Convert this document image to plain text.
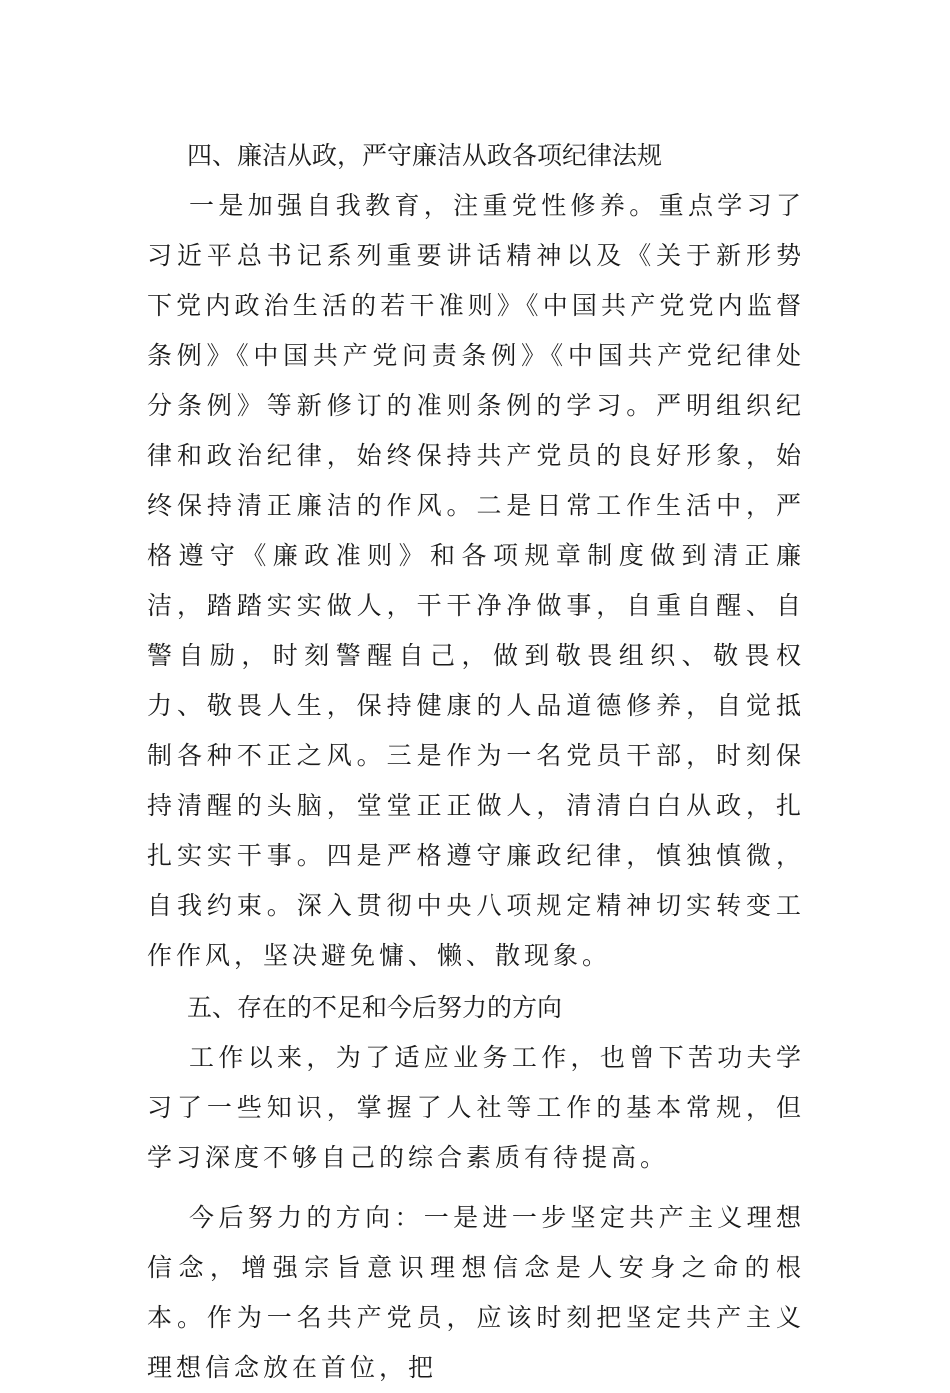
四、廉洁从政，严守廉洁从政各项纪律法规

一是加强自我教育，注重党性修养。重点学习了习近平总书记系列重要讲话精神以及《关于新形势下党内政治生活的若干准则》《中国共产党党内监督条例》《中国共产党问责条例》《中国共产党纪律处分条例》等新修订的准则条例的学习。严明组织纪律和政治纪律，始终保持共产党员的良好形象，始终保持清正廉洁的作风。二是日常工作生活中，严格遵守《廉政准则》和各项规章制度做到清正廉洁，踏踏实实做人，干干净净做事，自重自醒、自警自励，时刻警醒自己，做到敬畏组织、敬畏权力、敬畏人生，保持健康的人品道德修养，自觉抵制各种不正之风。三是作为一名党员干部，时刻保持清醒的头脑，堂堂正正做人，清清白白从政，扎扎实实干事。四是严格遵守廉政纪律，慎独慎微，自我约束。深入贯彻中央八项规定精神切实转变工作作风，坚决避免慵、懒、散现象。

五、存在的不足和今后努力的方向

工作以来，为了适应业务工作，也曾下苦功夫学习了一些知识，掌握了人社等工作的基本常规，但学习深度不够自己的综合素质有待提高。

今后努力的方向：一是进一步坚定共产主义理想信念，增强宗旨意识理想信念是人安身之命的根本。作为一名共产党员，应该时刻把坚定共产主义理想信念放在首位，把
